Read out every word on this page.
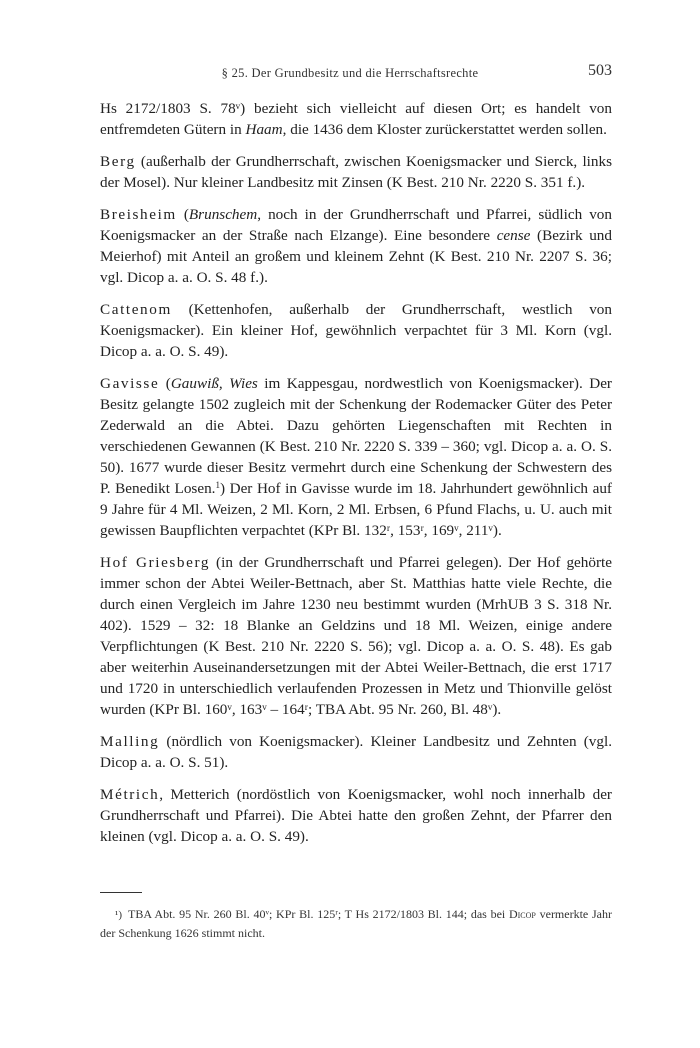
§ 25. Der Grundbesitz und die Herrschaftsrechte	503

Hs 2172/1803 S. 78ᵛ) bezieht sich vielleicht auf diesen Ort; es handelt von entfremdeten Gütern in Haam, die 1436 dem Kloster zurückerstattet werden sollen.

Berg (außerhalb der Grundherrschaft, zwischen Koenigsmacker und Sierck, links der Mosel). Nur kleiner Landbesitz mit Zinsen (K Best. 210 Nr. 2220 S. 351 f.).

Breisheim (Brunschem, noch in der Grundherrschaft und Pfarrei, südlich von Koenigsmacker an der Straße nach Elzange). Eine besondere cense (Bezirk und Meierhof) mit Anteil an großem und kleinem Zehnt (K Best. 210 Nr. 2207 S. 36; vgl. Dicop a. a. O. S. 48 f.).

Cattenom (Kettenhofen, außerhalb der Grundherrschaft, westlich von Koenigsmacker). Ein kleiner Hof, gewöhnlich verpachtet für 3 Ml. Korn (vgl. Dicop a. a. O. S. 49).

Gavisse (Gauwiß, Wies im Kappesgau, nordwestlich von Koenigsmacker). Der Besitz gelangte 1502 zugleich mit der Schenkung der Rodemacker Güter des Peter Zederwald an die Abtei. Dazu gehörten Liegenschaften mit Rechten in verschiedenen Gewannen (K Best. 210 Nr. 2220 S. 339 – 360; vgl. Dicop a. a. O. S. 50). 1677 wurde dieser Besitz vermehrt durch eine Schenkung der Schwestern des P. Benedikt Losen.$^1$) Der Hof in Gavisse wurde im 18. Jahrhundert gewöhnlich auf 9 Jahre für 4 Ml. Weizen, 2 Ml. Korn, 2 Ml. Erbsen, 6 Pfund Flachs, u. U. auch mit gewissen Baupflichten verpachtet (KPr Bl. 132ʳ, 153ʳ, 169ᵛ, 211ᵛ).

Hof Griesberg (in der Grundherrschaft und Pfarrei gelegen). Der Hof gehörte immer schon der Abtei Weiler-Bettnach, aber St. Matthias hatte viele Rechte, die durch einen Vergleich im Jahre 1230 neu bestimmt wurden (MrhUB 3 S. 318 Nr. 402). 1529 – 32: 18 Blanke an Geldzins und 18 Ml. Weizen, einige andere Verpflichtungen (K Best. 210 Nr. 2220 S. 56); vgl. Dicop a. a. O. S. 48). Es gab aber weiterhin Auseinandersetzungen mit der Abtei Weiler-Bettnach, die erst 1717 und 1720 in unterschiedlich verlaufenden Prozessen in Metz und Thionville gelöst wurden (KPr Bl. 160ᵛ, 163ᵛ – 164ʳ; TBA Abt. 95 Nr. 260, Bl. 48ᵛ).

Malling (nördlich von Koenigsmacker). Kleiner Landbesitz und Zehnten (vgl. Dicop a. a. O. S. 51).

Métrich, Metterich (nordöstlich von Koenigsmacker, wohl noch innerhalb der Grundherrschaft und Pfarrei). Die Abtei hatte den großen Zehnt, der Pfarrer den kleinen (vgl. Dicop a. a. O. S. 49).

¹) TBA Abt. 95 Nr. 260 Bl. 40ᵛ; KPr Bl. 125ʳ; T Hs 2172/1803 Bl. 144; das bei Dicop vermerkte Jahr der Schenkung 1626 stimmt nicht.
